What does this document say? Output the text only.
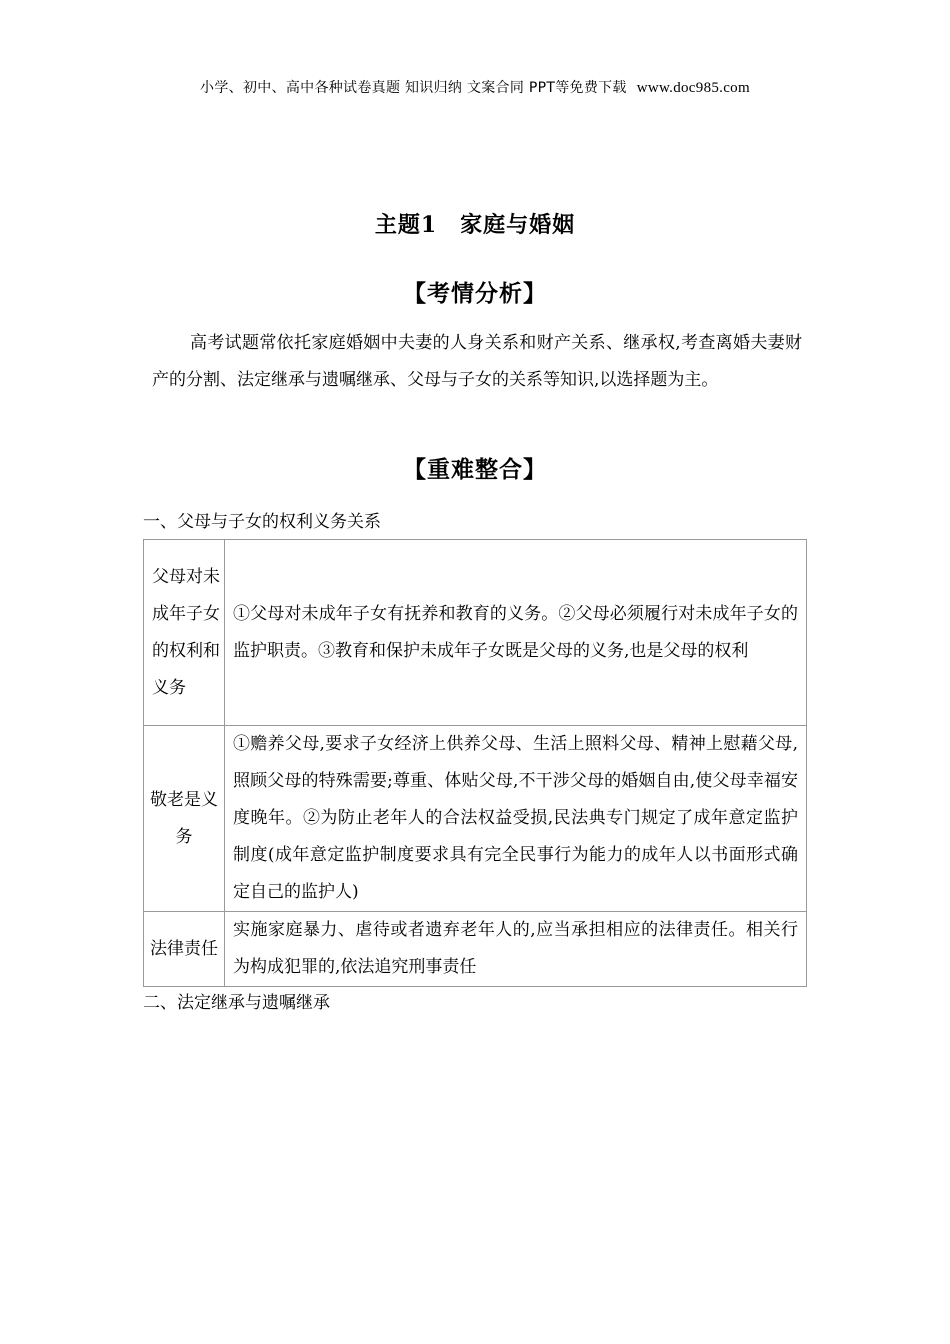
小学、初中、高中各种试卷真题 知识归纳 文案合同 PPT等免费下载 www.doc985.com
主题1　家庭与婚姻
【考情分析】
高考试题常依托家庭婚姻中夫妻的人身关系和财产关系、继承权,考查离婚夫妻财产的分割、法定继承与遗嘱继承、父母与子女的关系等知识,以选择题为主。
【重难整合】
一、父母与子女的权利义务关系
父母对未成年子女的权利和义务	①父母对未成年子女有抚养和教育的义务。②父母必须履行对未成年子女的监护职责。③教育和保护未成年子女既是父母的义务,也是父母的权利
敬老是义务	①赡养父母,要求子女经济上供养父母、生活上照料父母、精神上慰藉父母,照顾父母的特殊需要;尊重、体贴父母,不干涉父母的婚姻自由,使父母幸福安度晚年。②为防止老年人的合法权益受损,民法典专门规定了成年意定监护制度(成年意定监护制度要求具有完全民事行为能力的成年人以书面形式确定自己的监护人)
法律责任	实施家庭暴力、虐待或者遗弃老年人的,应当承担相应的法律责任。相关行为构成犯罪的,依法追究刑事责任
二、法定继承与遗嘱继承
